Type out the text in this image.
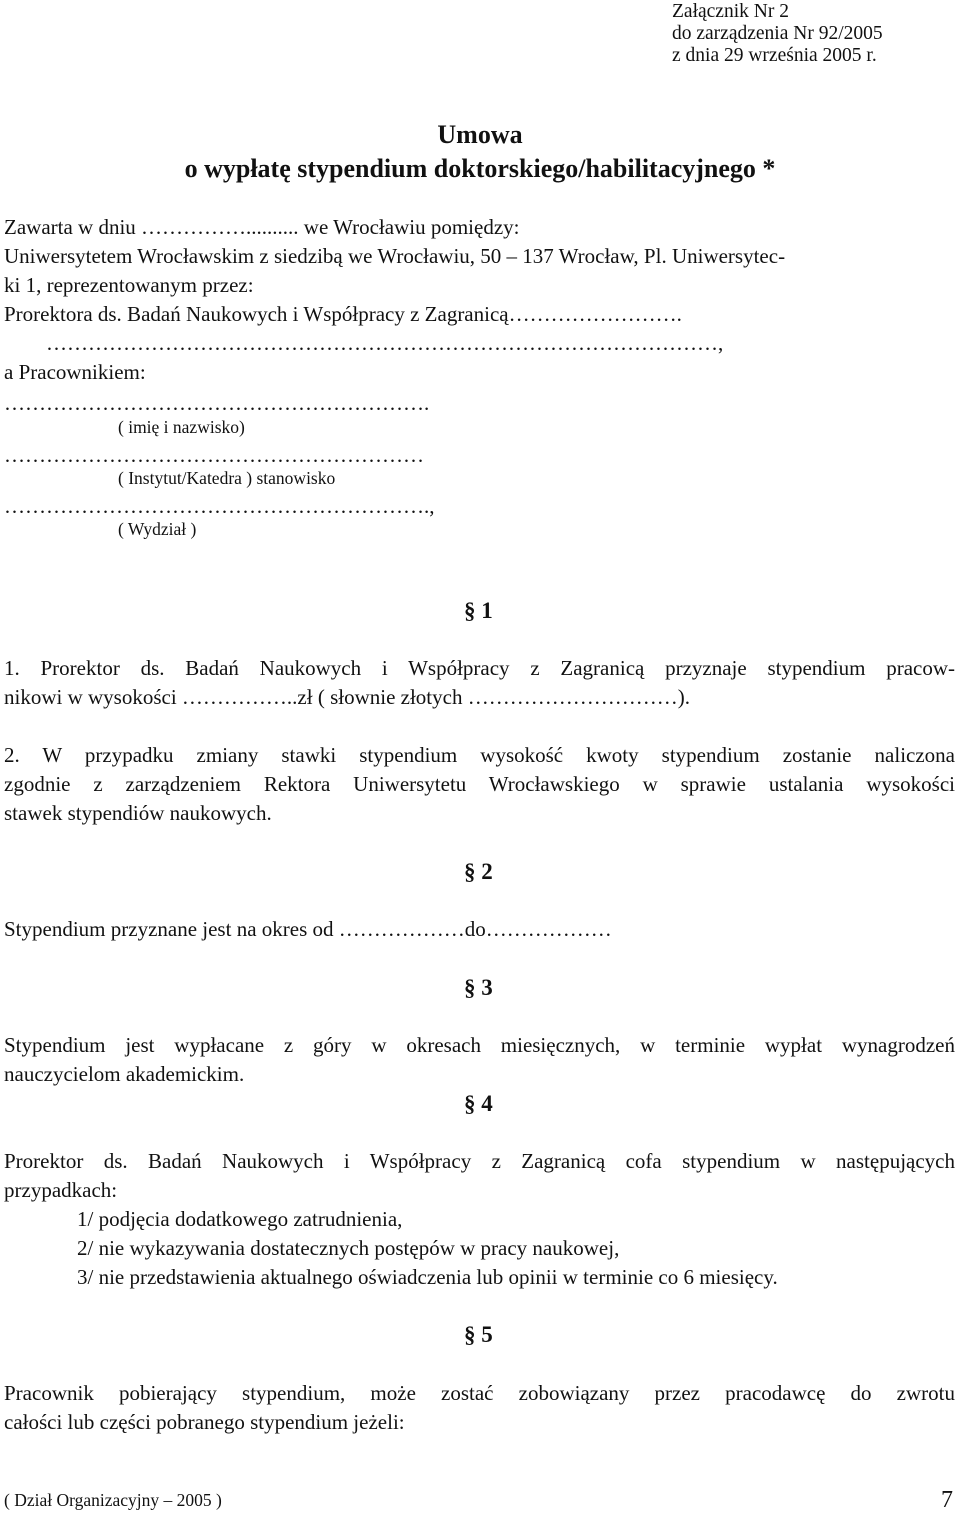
Załącznik Nr 2
do zarządzenia Nr 92/2005
z dnia 29 września 2005 r.
Umowa
o wypłatę stypendium doktorskiego/habilitacyjnego *
Zawarta w dniu …………….......... we Wrocławiu pomiędzy:
Uniwersytetem Wrocławskim z siedzibą we Wrocławiu, 50 – 137 Wrocław, Pl. Uniwersytec-
ki 1, reprezentowanym przez:
Prorektora ds. Badań Naukowych i Współpracy z Zagranicą…………………….
……………………………………………………………………………………,
a Pracownikiem:
…………………………………………………….
( imię i nazwisko)
……………………………………………………
( Instytut/Katedra ) stanowisko
…………………………………………………….,
( Wydział )
§ 1
1. Prorektor ds. Badań Naukowych i Współpracy z Zagranicą przyznaje stypendium pracow-
nikowi w wysokości ……………..zł ( słownie złotych …………………………).
2. W przypadku zmiany stawki stypendium wysokość kwoty stypendium zostanie naliczona
zgodnie z zarządzeniem Rektora Uniwersytetu Wrocławskiego w sprawie ustalania wysokości
stawek stypendiów naukowych.
§ 2
Stypendium przyznane jest na okres od ………………do………………
§ 3
Stypendium jest wypłacane z góry w okresach miesięcznych, w terminie wypłat wynagrodzeń
nauczycielom akademickim.
§ 4
Prorektor ds. Badań Naukowych i Współpracy z Zagranicą cofa stypendium w następujących
przypadkach:
1/ podjęcia dodatkowego zatrudnienia,
2/ nie wykazywania dostatecznych postępów w pracy naukowej,
3/ nie przedstawienia aktualnego oświadczenia lub opinii w terminie co 6 miesięcy.
§ 5
Pracownik pobierający stypendium, może zostać zobowiązany przez pracodawcę do zwrotu
całości lub części pobranego stypendium jeżeli:
( Dział Organizacyjny – 2005 )	7
